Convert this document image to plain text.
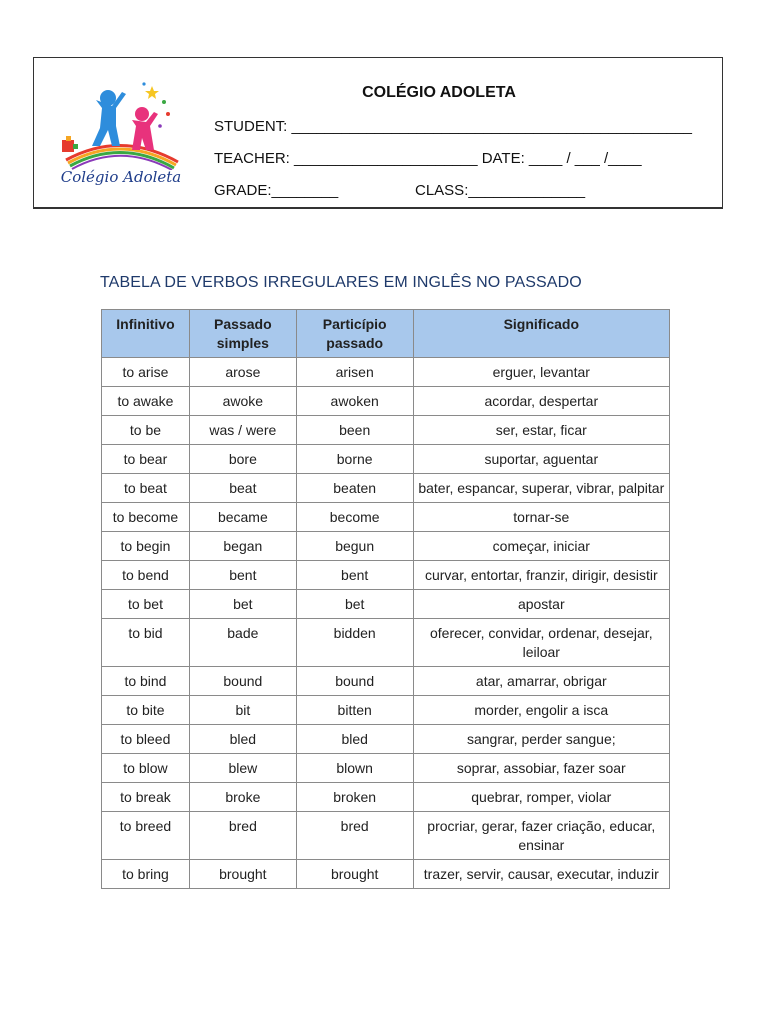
Colégio Adoleta
COLÉGIO ADOLETA
STUDENT: ________________________________________________
TEACHER: ______________________ DATE: ____ / ___ /____
GRADE:________	CLASS:______________
TABELA DE VERBOS IRREGULARES EM INGLÊS NO PASSADO
Infinitivo	Passado simples	Particípio passado	Significado
to arise	arose	arisen	erguer, levantar
to awake	awoke	awoken	acordar, despertar
to be	was / were	been	ser, estar, ficar
to bear	bore	borne	suportar, aguentar
to beat	beat	beaten	bater, espancar, superar, vibrar, palpitar
to become	became	become	tornar-se
to begin	began	begun	começar, iniciar
to bend	bent	bent	curvar, entortar, franzir, dirigir, desistir
to bet	bet	bet	apostar
to bid	bade	bidden	oferecer, convidar, ordenar, desejar, leiloar
to bind	bound	bound	atar, amarrar, obrigar
to bite	bit	bitten	morder, engolir a isca
to bleed	bled	bled	sangrar, perder sangue;
to blow	blew	blown	soprar, assobiar, fazer soar
to break	broke	broken	quebrar, romper, violar
to breed	bred	bred	procriar, gerar, fazer criação, educar, ensinar
to bring	brought	brought	trazer, servir, causar, executar, induzir
